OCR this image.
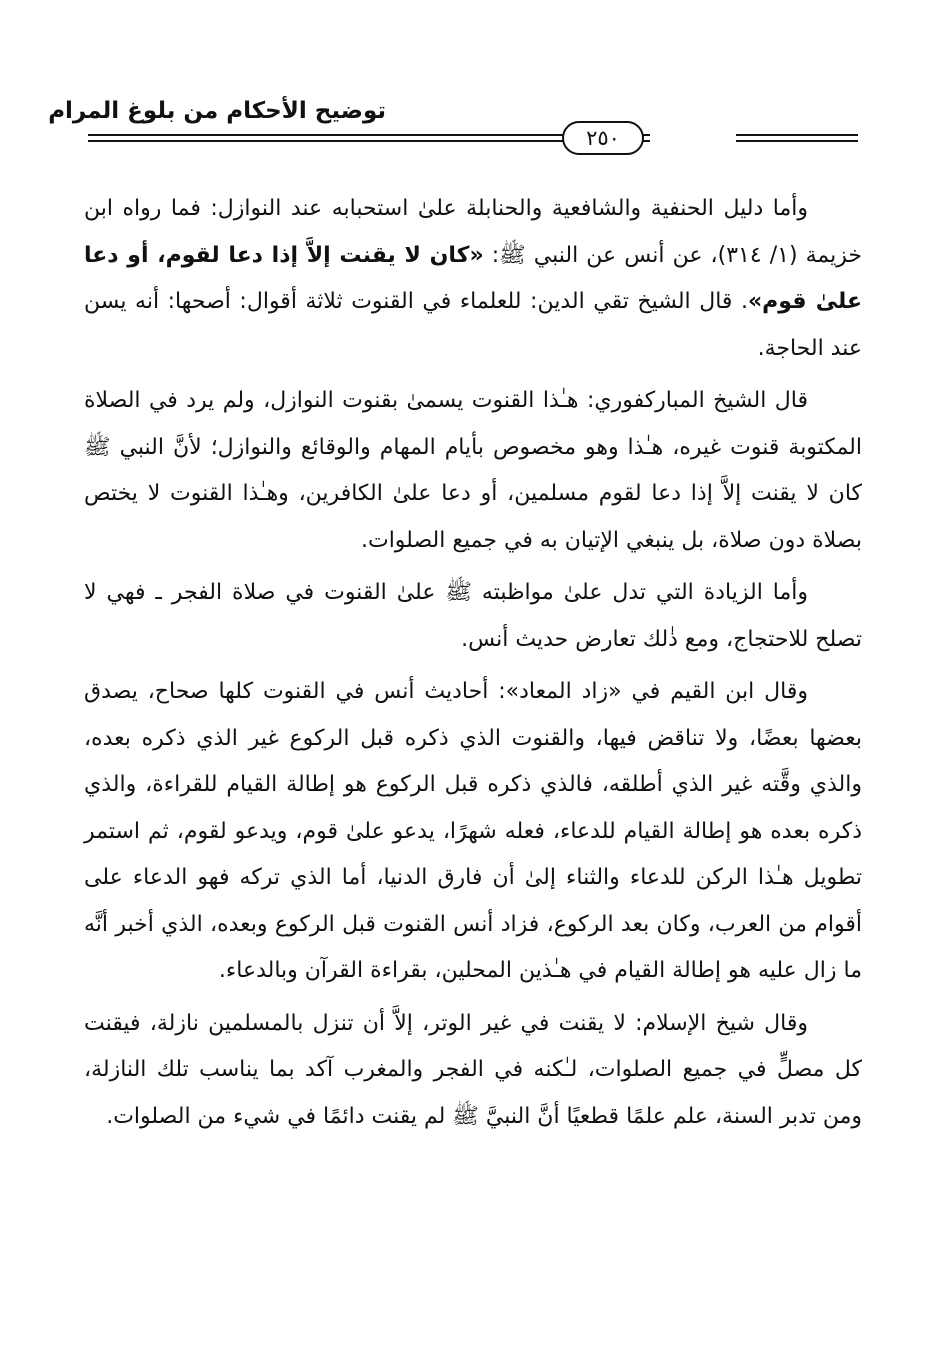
توضيح الأحكام من بلوغ المرام
٢٥٠

وأما دليل الحنفية والشافعية والحنابلة علىٰ استحبابه عند النوازل: فما رواه ابن خزيمة (١/ ٣١٤)، عن أنس عن النبي ﷺ: «كان لا يقنت إلاَّ إذا دعا لقوم، أو دعا علىٰ قوم». قال الشيخ تقي الدين: للعلماء في القنوت ثلاثة أقوال: أصحها: أنه يسن عند الحاجة.

قال الشيخ المباركفوري: هـٰذا القنوت يسمىٰ بقنوت النوازل، ولم يرد في الصلاة المكتوبة قنوت غيره، هـٰذا وهو مخصوص بأيام المهام والوقائع والنوازل؛ لأنَّ النبي ﷺ كان لا يقنت إلاَّ إذا دعا لقوم مسلمين، أو دعا علىٰ الكافرين، وهـٰذا القنوت لا يختص بصلاة دون صلاة، بل ينبغي الإتيان به في جميع الصلوات.

وأما الزيادة التي تدل علىٰ مواظبته ﷺ علىٰ القنوت في صلاة الفجر ـ فهي لا تصلح للاحتجاج، ومع ذٰلك تعارض حديث أنس.

وقال ابن القيم في «زاد المعاد»: أحاديث أنس في القنوت كلها صحاح، يصدق بعضها بعضًا، ولا تناقض فيها، والقنوت الذي ذكره قبل الركوع غير الذي ذكره بعده، والذي وقَّته غير الذي أطلقه، فالذي ذكره قبل الركوع هو إطالة القيام للقراءة، والذي ذكره بعده هو إطالة القيام للدعاء، فعله شهرًا، يدعو علىٰ قوم، ويدعو لقوم، ثم استمر تطويل هـٰذا الركن للدعاء والثناء إلىٰ أن فارق الدنيا، أما الذي تركه فهو الدعاء على أقوام من العرب، وكان بعد الركوع، فزاد أنس القنوت قبل الركوع وبعده، الذي أخبر أنَّه ما زال عليه هو إطالة القيام في هـٰذين المحلين، بقراءة القرآن وبالدعاء.

وقال شيخ الإسلام: لا يقنت في غير الوتر، إلاَّ أن تنزل بالمسلمين نازلة، فيقنت كل مصلٍّ في جميع الصلوات، لـٰكنه في الفجر والمغرب آكد بما يناسب تلك النازلة، ومن تدبر السنة، علم علمًا قطعيًا أنَّ النبيَّ ﷺ لم يقنت دائمًا في شيء من الصلوات.
